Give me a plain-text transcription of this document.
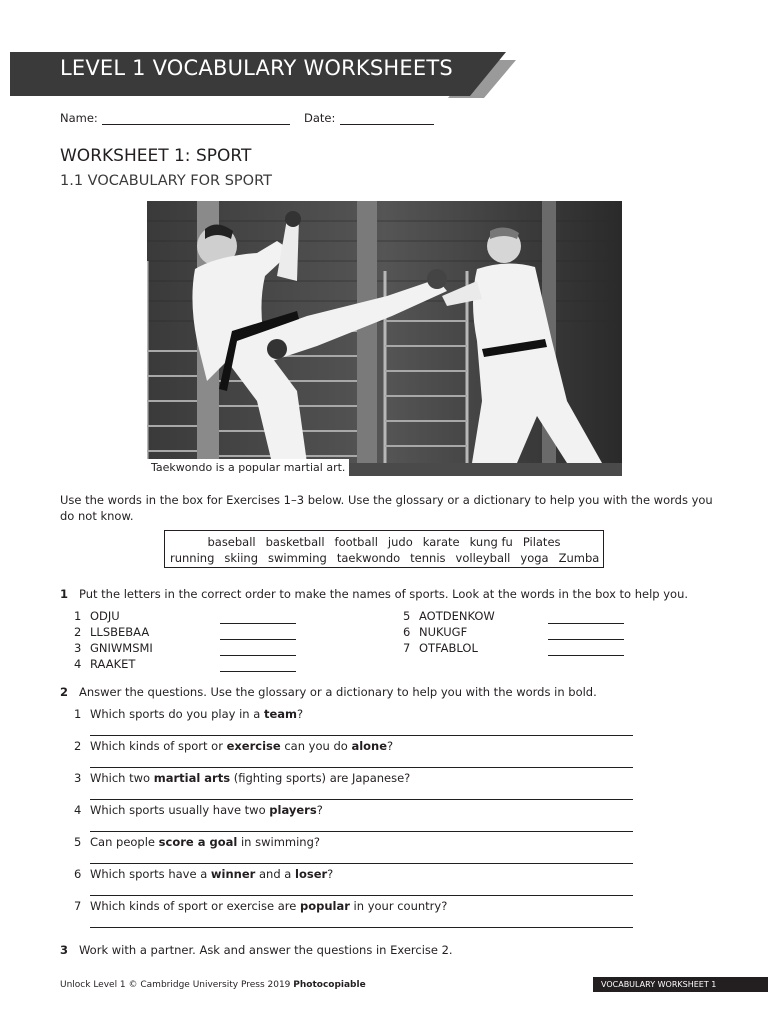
LEVEL 1 VOCABULARY WORKSHEETS
Name:	Date:
WORKSHEET 1: SPORT
1.1 VOCABULARY FOR SPORT
Taekwondo is a popular martial art.
Use the words in the box for Exercises 1–3 below. Use the glossary or a dictionary to help you with the words you do not know.
baseball basketball football judo karate kung fu Pilates
running skiing swimming taekwondo tennis volleyball yoga Zumba
1 Put the letters in the correct order to make the names of sports. Look at the words in the box to help you.
1 ODJU
2 LLSBEBAA
3 GNIWMSMI
4 RAAKET
5 AOTDENKOW
6 NUKUGF
7 OTFABLOL
2 Answer the questions. Use the glossary or a dictionary to help you with the words in bold.
1 Which sports do you play in a team?
2 Which kinds of sport or exercise can you do alone?
3 Which two martial arts (fighting sports) are Japanese?
4 Which sports usually have two players?
5 Can people score a goal in swimming?
6 Which sports have a winner and a loser?
7 Which kinds of sport or exercise are popular in your country?
3 Work with a partner. Ask and answer the questions in Exercise 2.
Unlock Level 1 © Cambridge University Press 2019 Photocopiable	VOCABULARY WORKSHEET 1
